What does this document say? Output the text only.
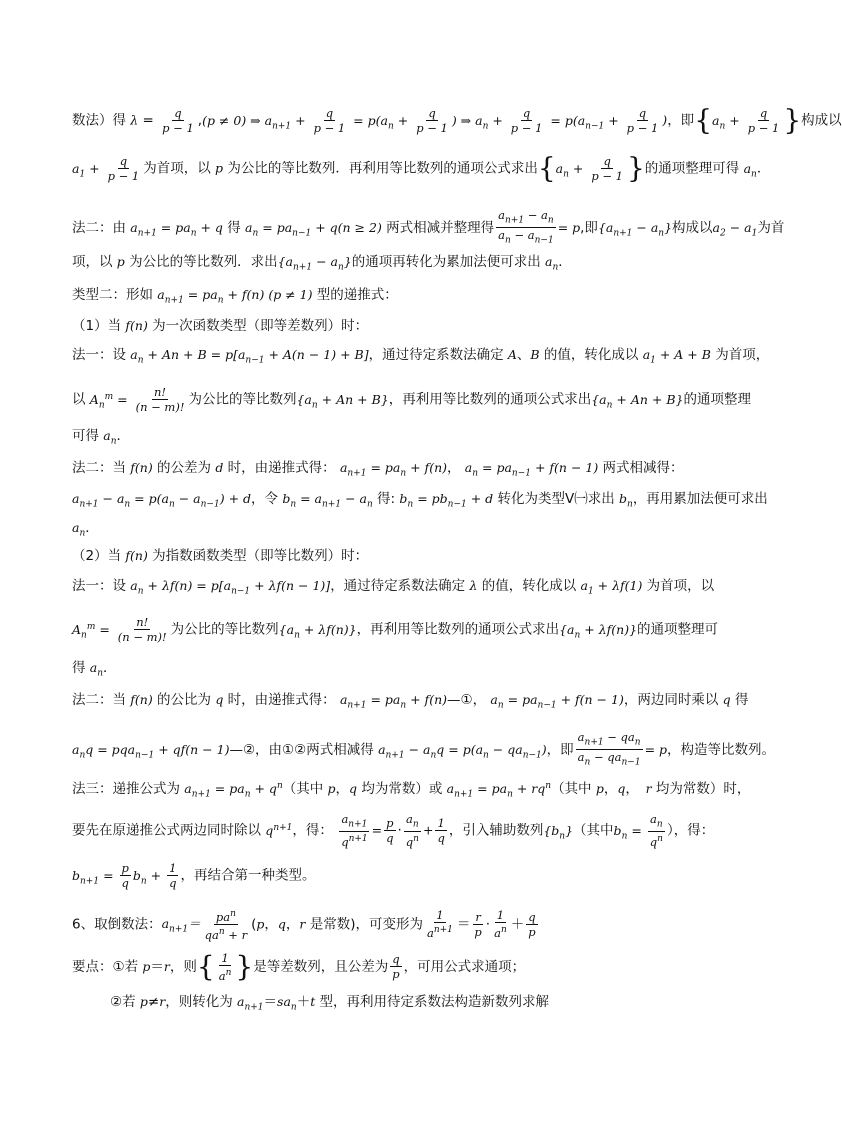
数法）得 $\lambda = \frac{q}{p - 1} ,(p \ne 0)$ ⇒ $a_{n+1} + \frac{q}{p - 1} = p(a_n + \frac{q}{p - 1}$ ) ⇒ $a_n + \frac{q}{p - 1} = p(a_{n-1} + \frac{q}{p - 1}$ )，即{$a_n + \frac{q}{p - 1}$ }构成以
$a_1 + \frac{q}{p - 1}$ 为首项，以 p 为公比的等比数列．再利用等比数列的通项公式求出{$a_n + \frac{q}{p - 1}$ }的通项整理可得 $a_n$．
法二：由 $a_{n+1} = pa_n + q$ 得 $a_n = pa_{n-1} + q(n \ge 2)$ 两式相减并整理得 $\frac{a_{n+1} - a_n}{a_n - a_{n-1}} = p$,即$\{a_{n+1} - a_n\}$构成以$a_2 - a_1$为首
项，以 p 为公比的等比数列．求出$\{a_{n+1} - a_n\}$的通项再转化为累加法便可求出 $a_n$．
类型二：形如 $a_{n+1} = pa_n + f(n) (p \ne 1)$ 型的递推式：
（1）当 f(n) 为一次函数类型（即等差数列）时：
法一：设 $a_n + An + B = p[a_{n-1} + A(n - 1) + B]$，通过待定系数法确定 A、B 的值，转化成以 $a_1 + A + B$ 为首项，
以 $A_n^m = \frac{n!}{(n - m)!}$ 为公比的等比数列$\{a_n + An + B\}$，再利用等比数列的通项公式求出$\{a_n + An + B\}$的通项整理
可得 $a_n$．
法二：当 f(n) 的公差为 d 时，由递推式得： $a_{n+1} = pa_n + f(n)$， $a_n = pa_{n-1} + f(n - 1)$ 两式相减得：
$a_{n+1} - a_n = p(a_n - a_{n-1}) + d$，令 $b_n = a_{n+1} - a_n$ 得: $b_n = pb_{n-1} + d$ 转化为类型Ⅴ㈠求出 $b_n$，再用累加法便可求出
$a_n$．
（2）当 f(n) 为指数函数类型（即等比数列）时：
法一：设 $a_n + \lambda f(n) = p[a_{n-1} + \lambda f(n - 1)]$，通过待定系数法确定 λ 的值，转化成以 $a_1 + \lambda f(1)$ 为首项，以
$A_n^m = \frac{n!}{(n - m)!}$ 为公比的等比数列$\{a_n + \lambda f(n)\}$，再利用等比数列的通项公式求出$\{a_n + \lambda f(n)\}$的通项整理可
得 $a_n$．
法二：当 f(n) 的公比为 q 时，由递推式得： $a_{n+1} = pa_n$ + f(n)—①， $a_n = pa_{n-1} + f(n - 1)$，两边同时乘以 q 得
$a_nq = pqa_{n-1} + qf(n$ − 1)—②，由①②两式相减得 $a_{n+1} - a_nq = p(a_n - qa_{n-1})$，即 $\frac{a_{n+1} - qa_n}{a_n - qa_{n-1}} = p$，构造等比数列。
法三：递推公式为 $a_{n+1} = pa_n + q^n$（其中 p，q 均为常数）或 $a_{n+1} = pa_n + rq^n$（其中 p，q，　r 均为常数）时，
要先在原递推公式两边同时除以 $q^{n+1}$，得： $\frac{a_{n+1}}{q^{n+1}} = \frac{p}{q} \cdot \frac{a_n}{q^n} + \frac{1}{q}$ ，引入辅助数列$\{b_n\}$（其中$b_n = \frac{a_n}{q^n}$ ），得：
$b_{n+1} = \frac{p}{q} b_n + \frac{1}{q}$ ，再结合第一种类型。
6、取倒数法：$a_{n+1}= \frac{pa^n}{qa^n + r} (p$，q，r 是常数)，可变形为 $\frac{1}{a^{n+1}} = \frac{r}{p} \cdot \frac{1}{a^n} + \frac{q}{p}$
要点：①若 p＝r，则{ $\frac{1}{a^n}$ }是等差数列，且公差为 $\frac{q}{p}$ ，可用公式求通项；
②若 p≠r，则转化为 $a_{n+1}=sa_n+t$ 型，再利用待定系数法构造新数列求解
